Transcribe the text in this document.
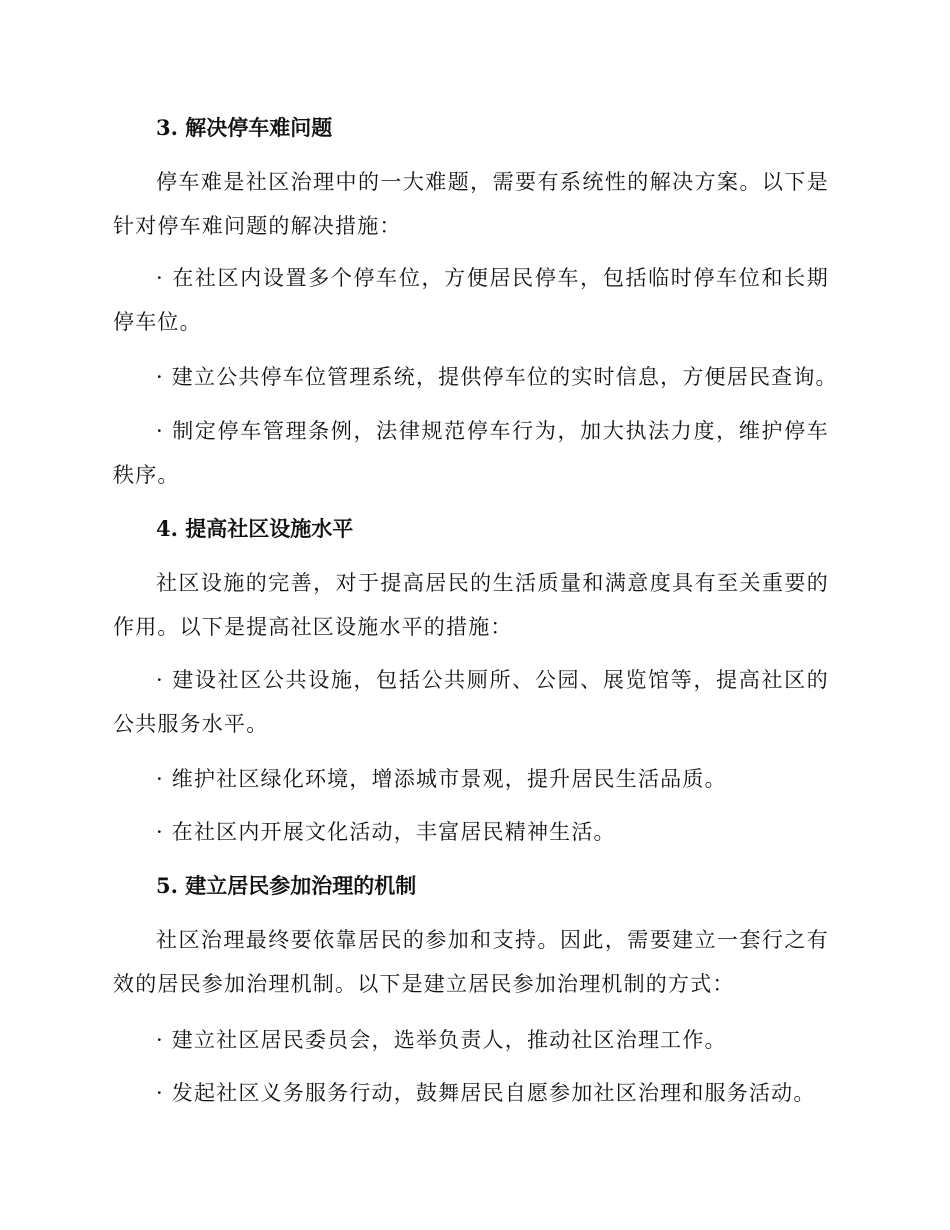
3. 解决停车难问题
停车难是社区治理中的一大难题，需要有系统性的解决方案。以下是针对停车难问题的解决措施：
· 在社区内设置多个停车位，方便居民停车，包括临时停车位和长期停车位。
· 建立公共停车位管理系统，提供停车位的实时信息，方便居民查询。
· 制定停车管理条例，法律规范停车行为，加大执法力度，维护停车秩序。
4. 提高社区设施水平
社区设施的完善，对于提高居民的生活质量和满意度具有至关重要的作用。以下是提高社区设施水平的措施：
· 建设社区公共设施，包括公共厕所、公园、展览馆等，提高社区的公共服务水平。
· 维护社区绿化环境，增添城市景观，提升居民生活品质。
· 在社区内开展文化活动，丰富居民精神生活。
5. 建立居民参加治理的机制
社区治理最终要依靠居民的参加和支持。因此，需要建立一套行之有效的居民参加治理机制。以下是建立居民参加治理机制的方式：
· 建立社区居民委员会，选举负责人，推动社区治理工作。
· 发起社区义务服务行动，鼓舞居民自愿参加社区治理和服务活动。
